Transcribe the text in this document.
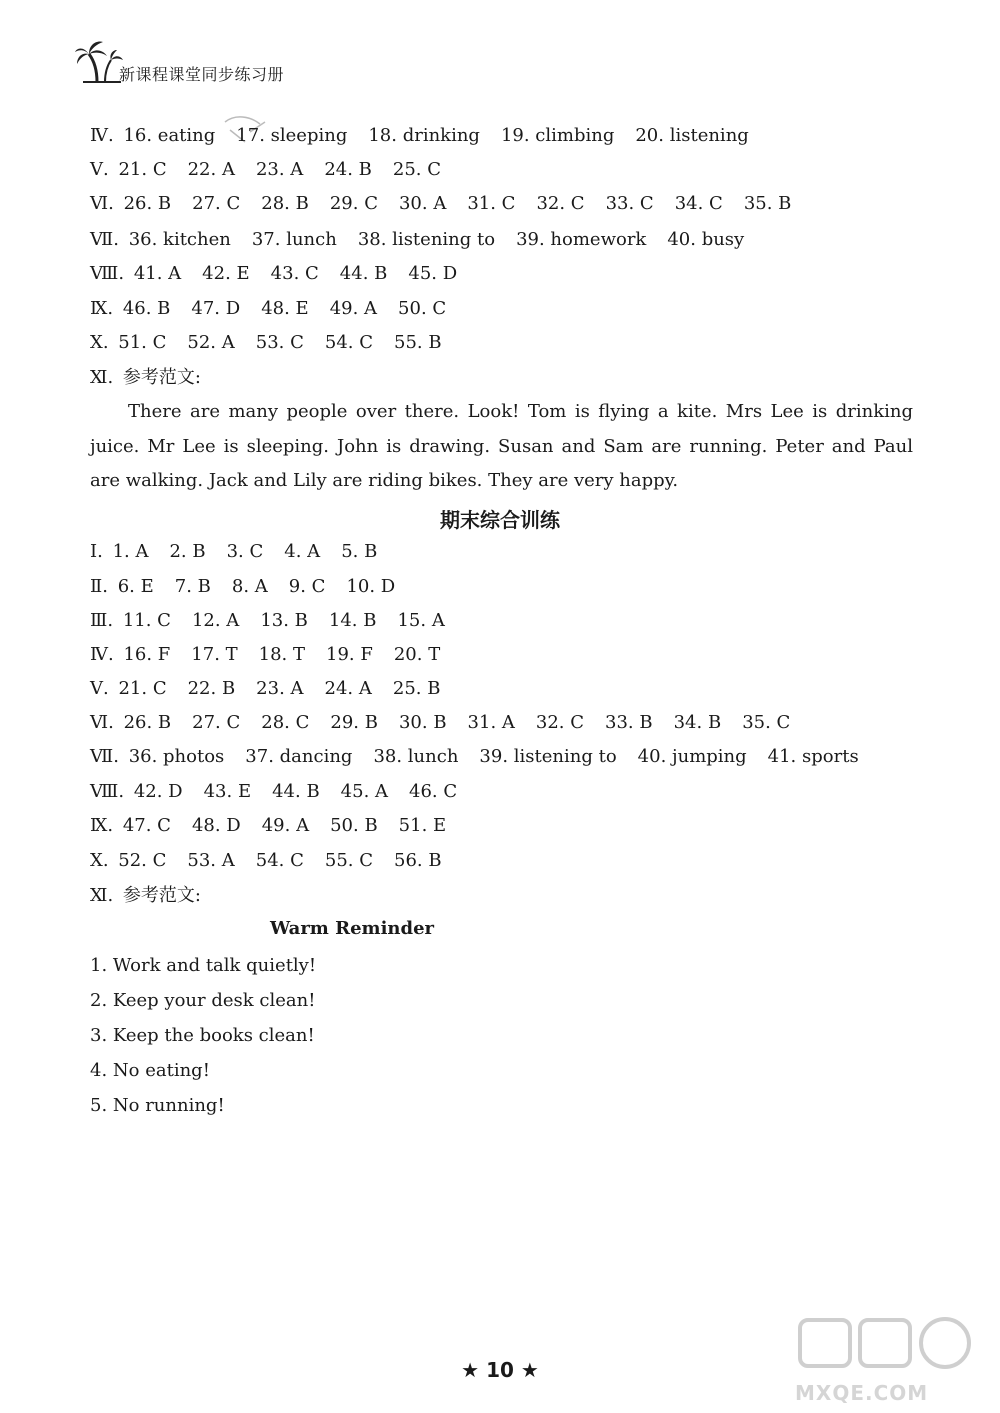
新课程课堂同步练习册
Ⅳ. 16. eating 17. sleeping 18. drinking 19. climbing 20. listening
Ⅴ. 21. C 22. A 23. A 24. B 25. C
Ⅵ. 26. B 27. C 28. B 29. C 30. A 31. C 32. C 33. C 34. C 35. B
Ⅶ. 36. kitchen 37. lunch 38. listening to 39. homework 40. busy
Ⅷ. 41. A 42. E 43. C 44. B 45. D
Ⅸ. 46. B 47. D 48. E 49. A 50. C
Ⅹ. 51. C 52. A 53. C 54. C 55. B
Ⅺ. 参考范文:
There are many people over there. Look! Tom is flying a kite. Mrs Lee is drinking juice. Mr Lee is sleeping. John is drawing. Susan and Sam are running. Peter and Paul are walking. Jack and Lily are riding bikes. They are very happy.
期末综合训练
Ⅰ. 1. A 2. B 3. C 4. A 5. B
Ⅱ. 6. E 7. B 8. A 9. C 10. D
Ⅲ. 11. C 12. A 13. B 14. B 15. A
Ⅳ. 16. F 17. T 18. T 19. F 20. T
Ⅴ. 21. C 22. B 23. A 24. A 25. B
Ⅵ. 26. B 27. C 28. C 29. B 30. B 31. A 32. C 33. B 34. B 35. C
Ⅶ. 36. photos 37. dancing 38. lunch 39. listening to 40. jumping 41. sports
Ⅷ. 42. D 43. E 44. B 45. A 46. C
Ⅸ. 47. C 48. D 49. A 50. B 51. E
Ⅹ. 52. C 53. A 54. C 55. C 56. B
Ⅺ. 参考范文:
Warm Reminder
1. Work and talk quietly!
2. Keep your desk clean!
3. Keep the books clean!
4. No eating!
5. No running!
★ 10 ★
MXQE.COM
